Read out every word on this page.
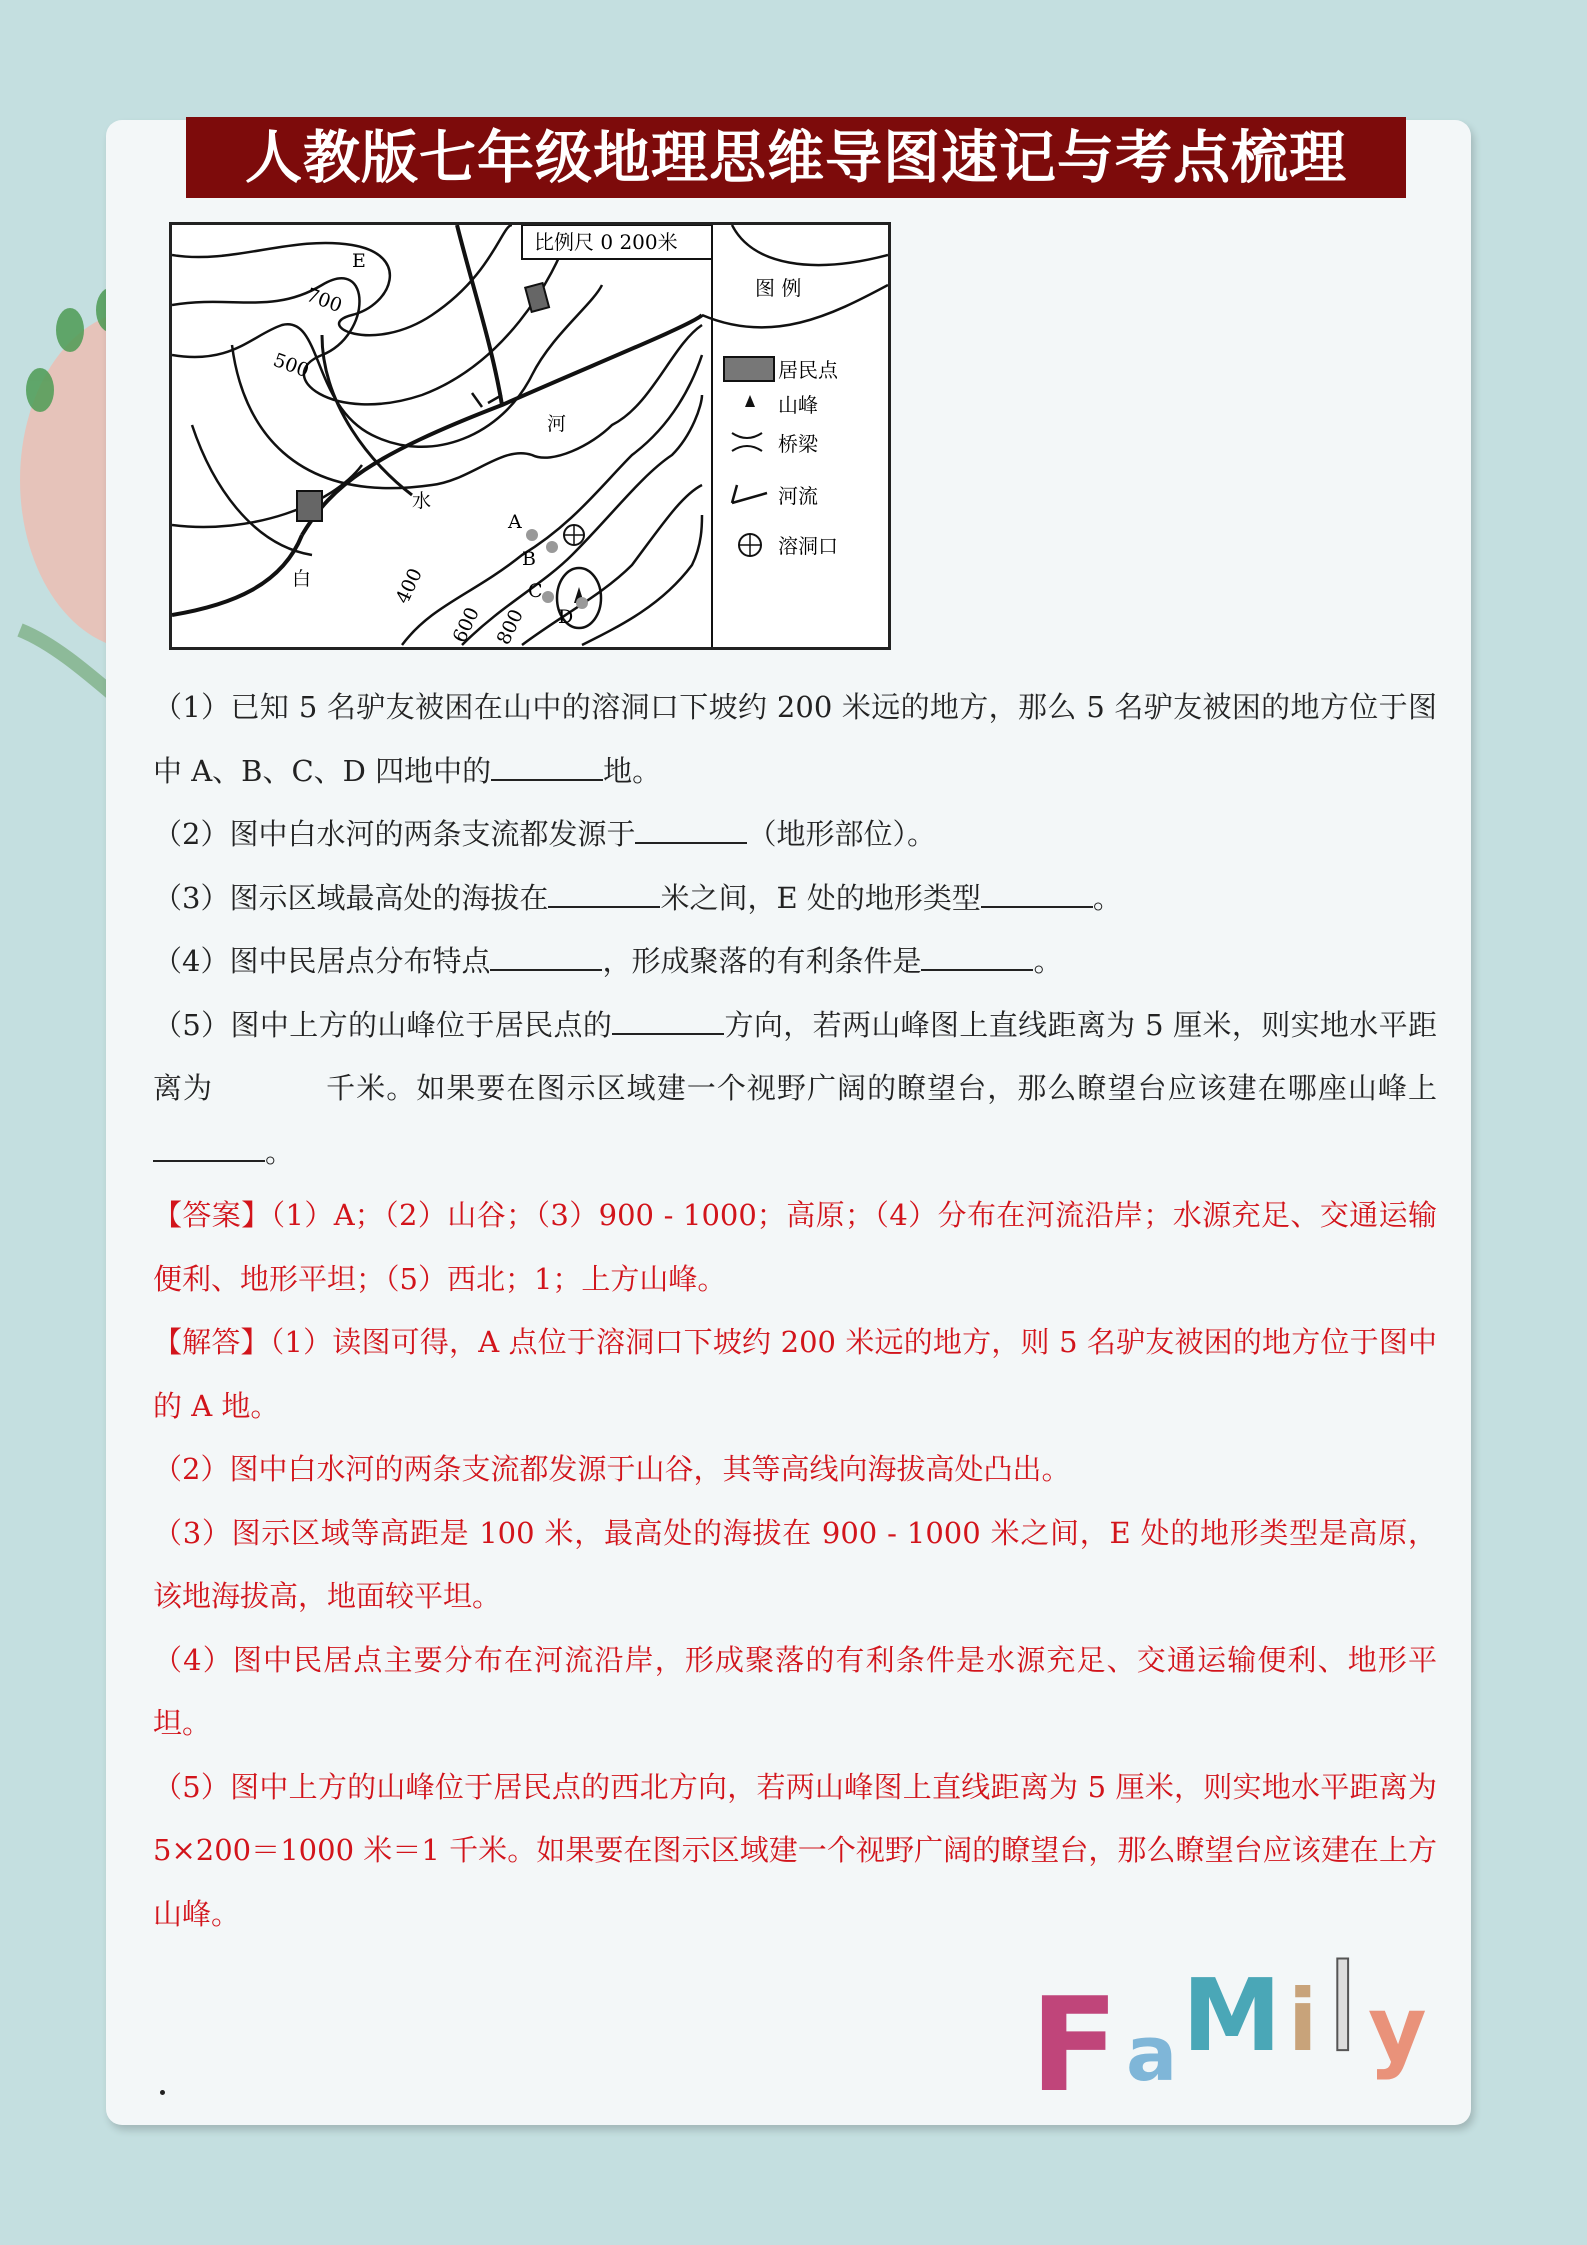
人教版七年级地理思维导图速记与考点梳理
比例尺 0 200米
图 例
居民点
山峰
桥梁
河流
溶洞口
700
500
400
600 800
E
A
B
C
D
河
水
白

（1）已知 5 名驴友被困在山中的溶洞口下坡约 200 米远的地方，那么 5 名驴友被困的地方位于图中 A、B、C、D 四地中的	地。

（2）图中白水河的两条支流都发源于	（地形部位）。

（3）图示区域最高处的海拔在	米之间，E 处的地形类型	。

（4）图中民居点分布特点	，形成聚落的有利条件是	。

（5）图中上方的山峰位于居民点的	方向，若两山峰图上直线距离为 5 厘米，则实地水平距离为	千米。如果要在图示区域建一个视野广阔的瞭望台，那么瞭望台应该建在哪座山峰上。

【答案】（1）A；（2）山谷；（3）900 - 1000；高原；（4）分布在河流沿岸；水源充足、交通运输便利、地形平坦；（5）西北；1；上方山峰。

【解答】（1）读图可得，A 点位于溶洞口下坡约 200 米远的地方，则 5 名驴友被困的地方位于图中的 A 地。

（2）图中白水河的两条支流都发源于山谷，其等高线向海拔高处凸出。

（3）图示区域等高距是 100 米，最高处的海拔在 900 - 1000 米之间，E 处的地形类型是高原，该地海拔高，地面较平坦。

（4）图中民居点主要分布在河流沿岸，形成聚落的有利条件是水源充足、交通运输便利、地形平坦。

（5）图中上方的山峰位于居民点的西北方向，若两山峰图上直线距离为 5 厘米，则实地水平距离为 5×200＝1000 米＝1 千米。如果要在图示区域建一个视野广阔的瞭望台，那么瞭望台应该建在上方山峰。

F a M i l y
